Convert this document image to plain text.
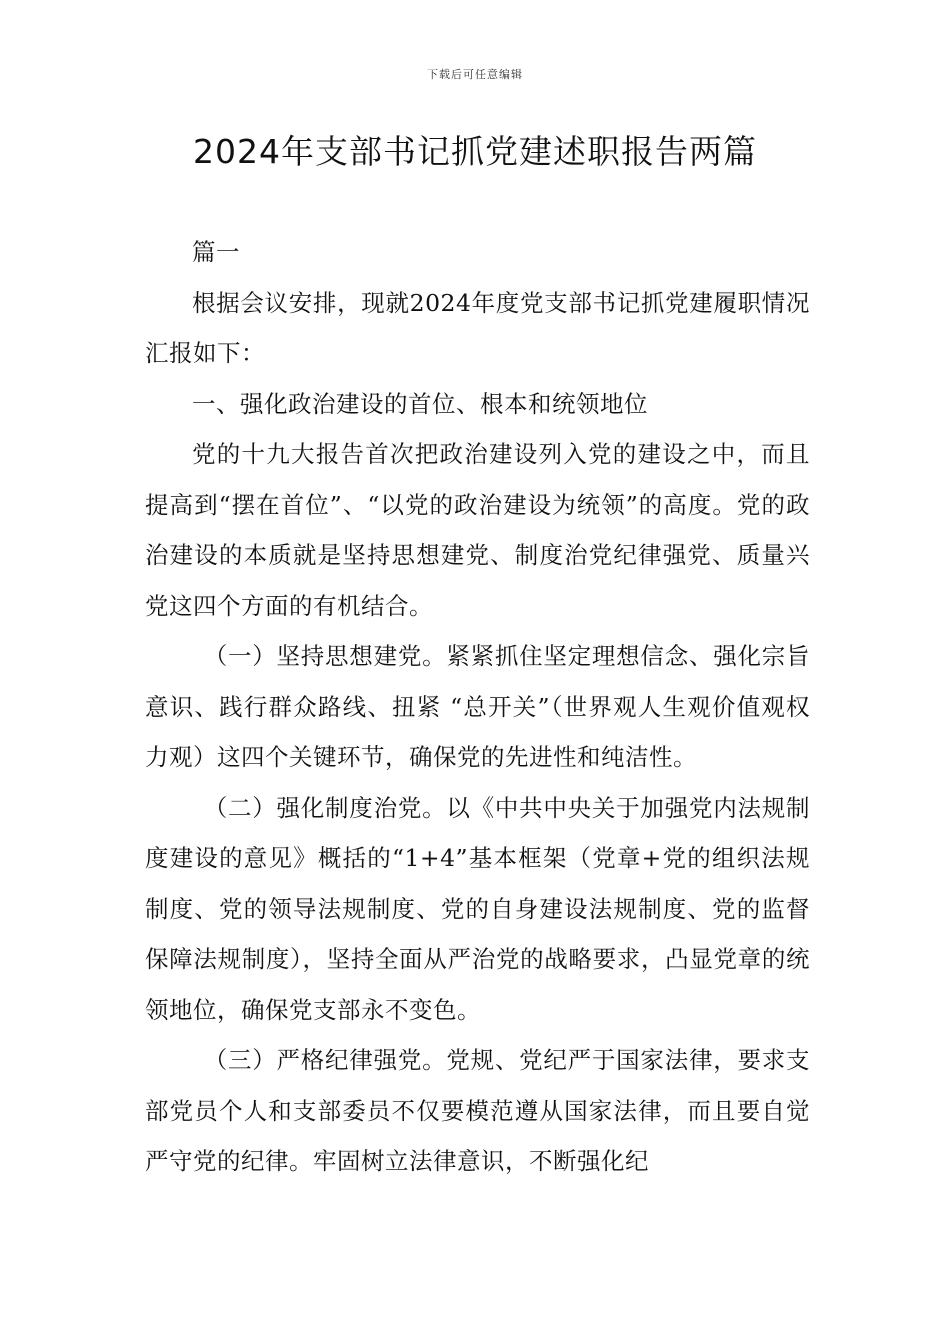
下载后可任意编辑
2024年支部书记抓党建述职报告两篇

篇一

根据会议安排，现就2024年度党支部书记抓党建履职情况汇报如下：

一、强化政治建设的首位、根本和统领地位

党的十九大报告首次把政治建设列入党的建设之中，而且提高到“摆在首位”、“以党的政治建设为统领”的高度。党的政治建设的本质就是坚持思想建党、制度治党纪律强党、质量兴党这四个方面的有机结合。

（一）坚持思想建党。紧紧抓住坚定理想信念、强化宗旨意识、践行群众路线、扭紧 “总开关”（世界观人生观价值观权力观）这四个关键环节，确保党的先进性和纯洁性。

（二）强化制度治党。以《中共中央关于加强党内法规制度建设的意见》概括的“1+4”基本框架（党章+党的组织法规制度、党的领导法规制度、党的自身建设法规制度、党的监督保障法规制度），坚持全面从严治党的战略要求，凸显党章的统领地位，确保党支部永不变色。

（三）严格纪律强党。党规、党纪严于国家法律，要求支部党员个人和支部委员不仅要模范遵从国家法律，而且要自觉严守党的纪律。牢固树立法律意识，不断强化纪
